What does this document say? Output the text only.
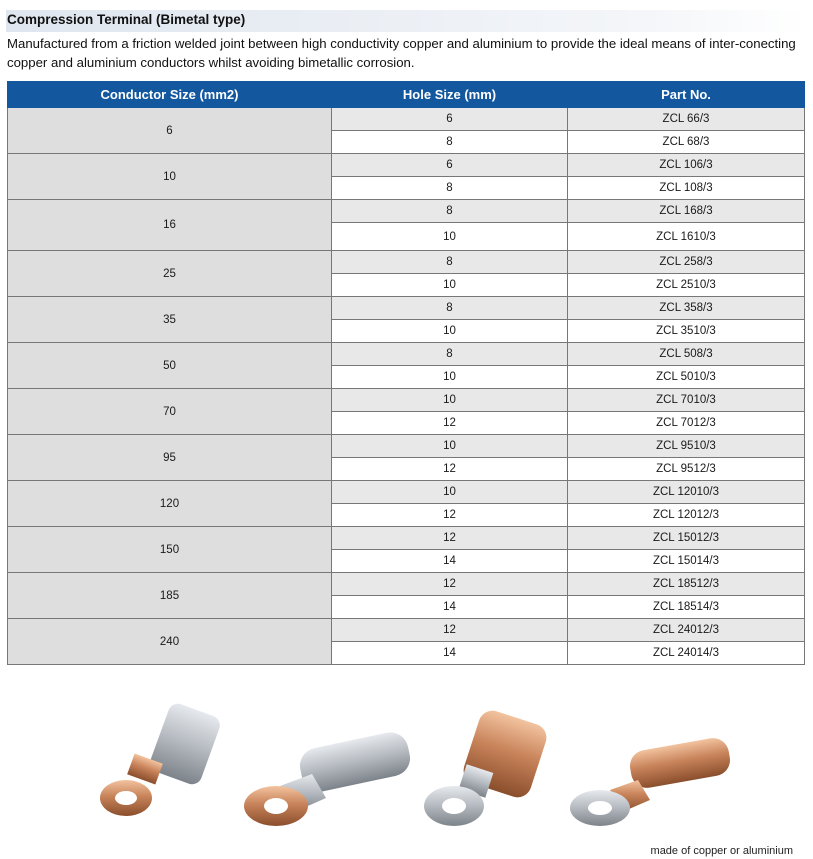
Compression Terminal (Bimetal type)
Manufactured from a friction welded joint between high conductivity copper and aluminium to provide the ideal means of inter-conecting copper and aluminium conductors whilst avoiding bimetallic corrosion.
Conductor Size (mm2)	Hole Size (mm)	Part No.
6	6	ZCL 66/3
	8	ZCL 68/3
10	6	ZCL 106/3
	8	ZCL 108/3
16	8	ZCL 168/3
	10	ZCL 1610/3
25	8	ZCL 258/3
	10	ZCL 2510/3
35	8	ZCL 358/3
	10	ZCL 3510/3
50	8	ZCL 508/3
	10	ZCL 5010/3
70	10	ZCL 7010/3
	12	ZCL 7012/3
95	10	ZCL 9510/3
	12	ZCL 9512/3
120	10	ZCL 12010/3
	12	ZCL 12012/3
150	12	ZCL 15012/3
	14	ZCL 15014/3
185	12	ZCL 18512/3
	14	ZCL 18514/3
240	12	ZCL 24012/3
	14	ZCL 24014/3
made of copper or aluminium
